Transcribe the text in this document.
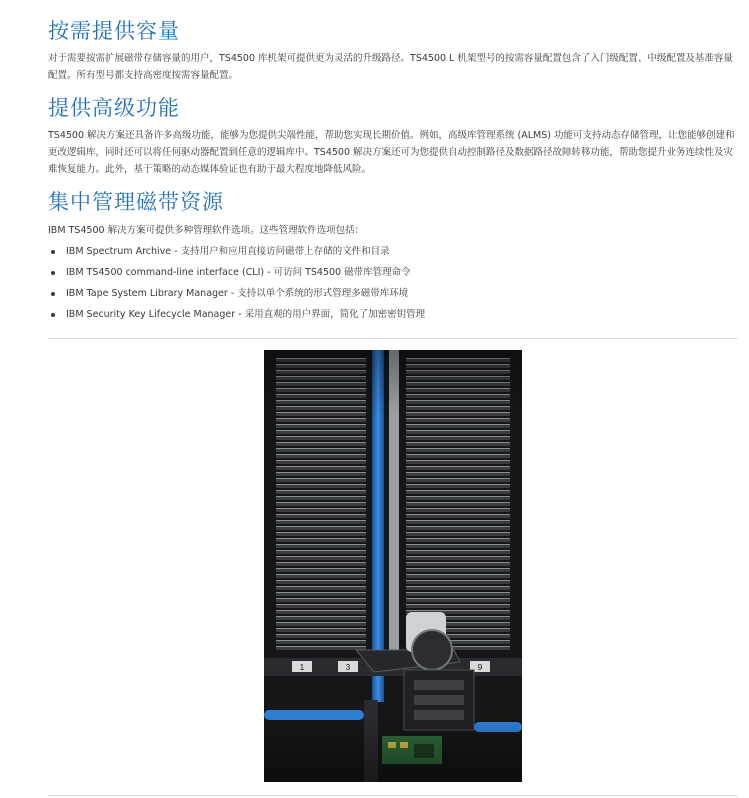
按需提供容量

对于需要按需扩展磁带存储容量的用户，TS4500 库机架可提供更为灵活的升级路径。TS4500 L 机架型号的按需容量配置包含了入门级配置、中级配置及基准容量配置。所有型号都支持高密度按需容量配置。

提供高级功能

TS4500 解决方案还具备许多高级功能，能够为您提供尖端性能，帮助您实现长期价值。例如，高级库管理系统 (ALMS) 功能可支持动态存储管理，让您能够创建和更改逻辑库，同时还可以将任何驱动器配置到任意的逻辑库中。TS4500 解决方案还可为您提供自动控制路径及数据路径故障转移功能，帮助您提升业务连续性及灾难恢复能力。此外，基于策略的动态媒体验证也有助于最大程度地降低风险。

集中管理磁带资源

IBM TS4500 解决方案可提供多种管理软件选项。这些管理软件选项包括：

IBM Spectrum Archive - 支持用户和应用直接访问磁带上存储的文件和目录
IBM TS4500 command-line interface (CLI) - 可访问 TS4500 磁带库管理命令
IBM Tape System Library Manager - 支持以单个系统的形式管理多磁带库环境
IBM Security Key Lifecycle Manager - 采用直观的用户界面，简化了加密密钥管理
